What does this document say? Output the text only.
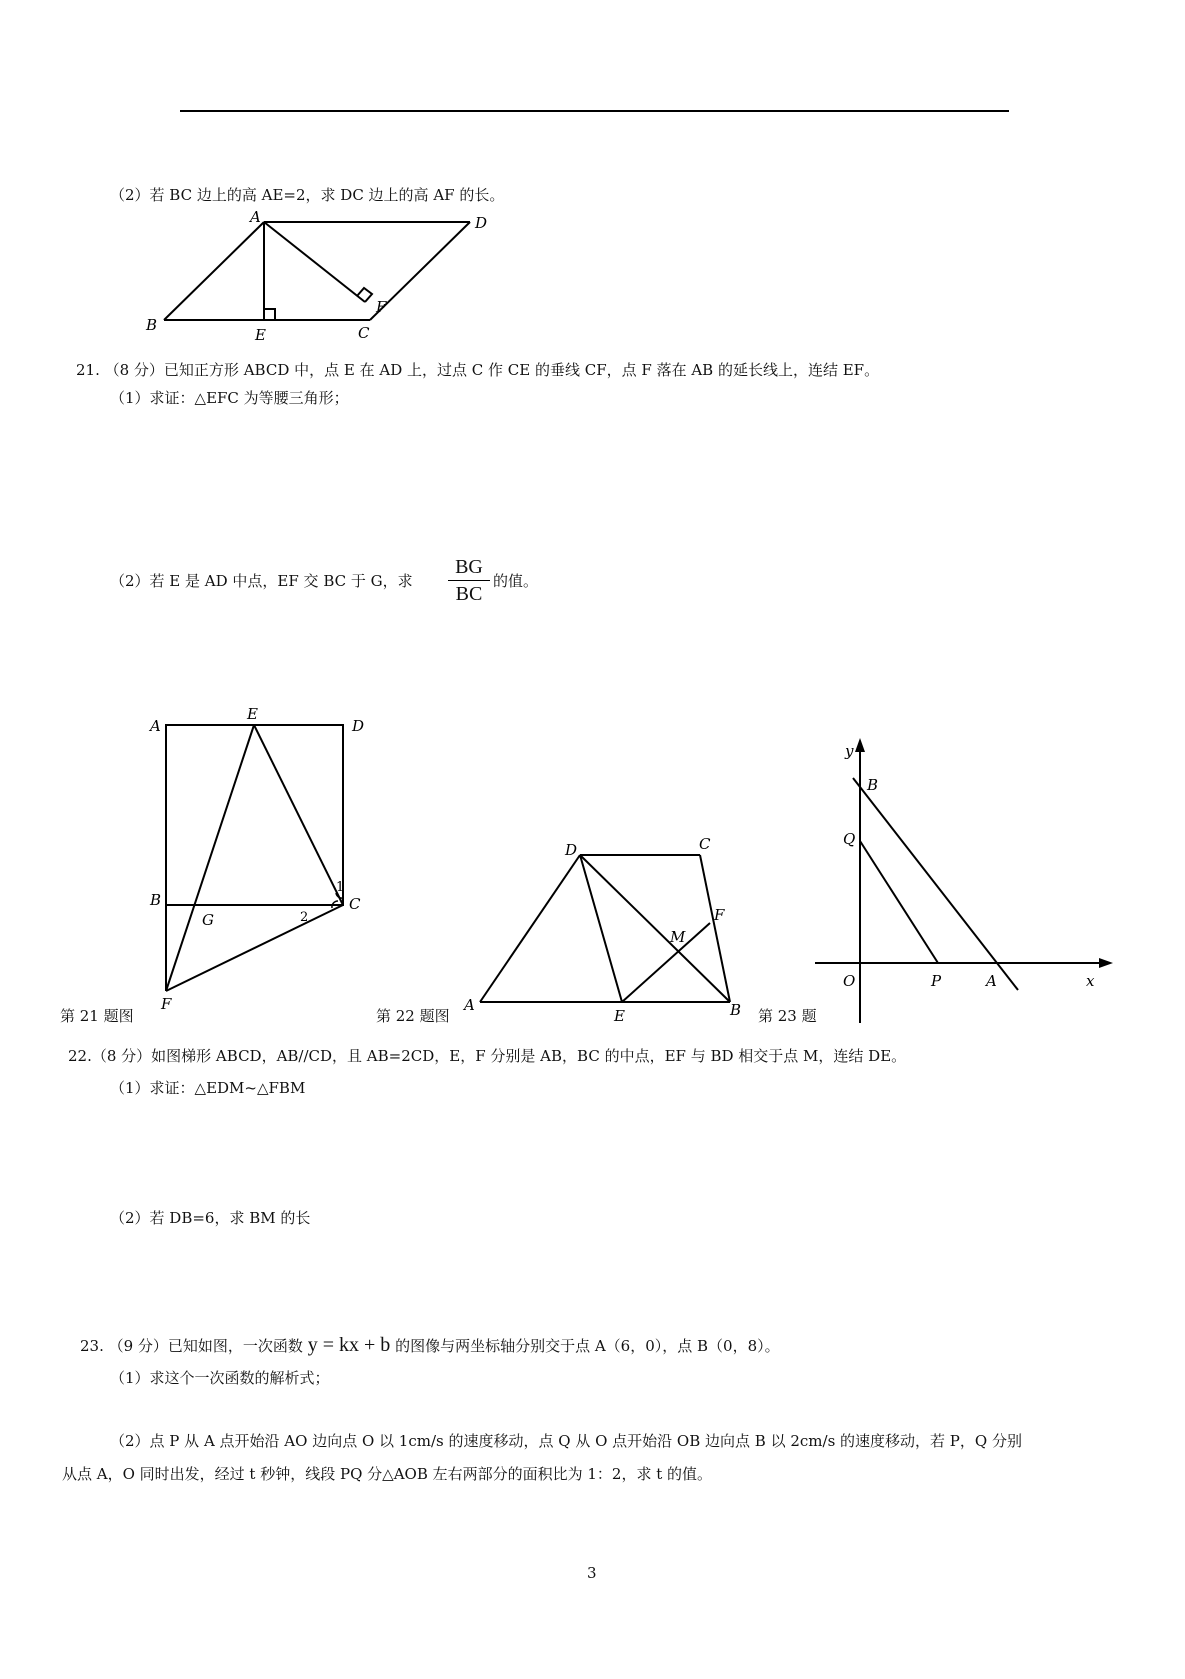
（2）若 BC 边上的高 AE=2，求 DC 边上的高 AF 的长。
A	D
B
E	C
F
21. （8 分）已知正方形 ABCD 中，点 E 在 AD 上，过点 C 作 CE 的垂线 CF，点 F 落在 AB 的延长线上，连结 EF。
（1）求证：△EFC 为等腰三角形；
（2）若 E 是 AD 中点，EF 交 BC 于 G，求
BG
BC
的值。
A
E
D
B
G
C
1
2
F
第 21 题图
A
D	C
F
M
E	B
第 22 题图
y
B
Q
O	P	A	x
第 23 题
22.（8 分）如图梯形 ABCD，AB//CD，且 AB=2CD，E，F 分别是 AB，BC 的中点，EF 与 BD 相交于点 M，连结 DE。
（1）求证：△EDM~△FBM
（2）若 DB=6，求 BM 的长
23. （9 分）已知如图，一次函数 y = kx + b 的图像与两坐标轴分别交于点 A（6，0），点 B（0，8）。
（1）求这个一次函数的解析式；
（2）点 P 从 A 点开始沿 AO 边向点 O 以 1cm/s 的速度移动，点 Q 从 O 点开始沿 OB 边向点 B 以 2cm/s 的速度移动，若 P，Q 分别
从点 A，O 同时出发，经过 t 秒钟，线段 PQ 分△AOB 左右两部分的面积比为 1：2，求 t 的值。
3
